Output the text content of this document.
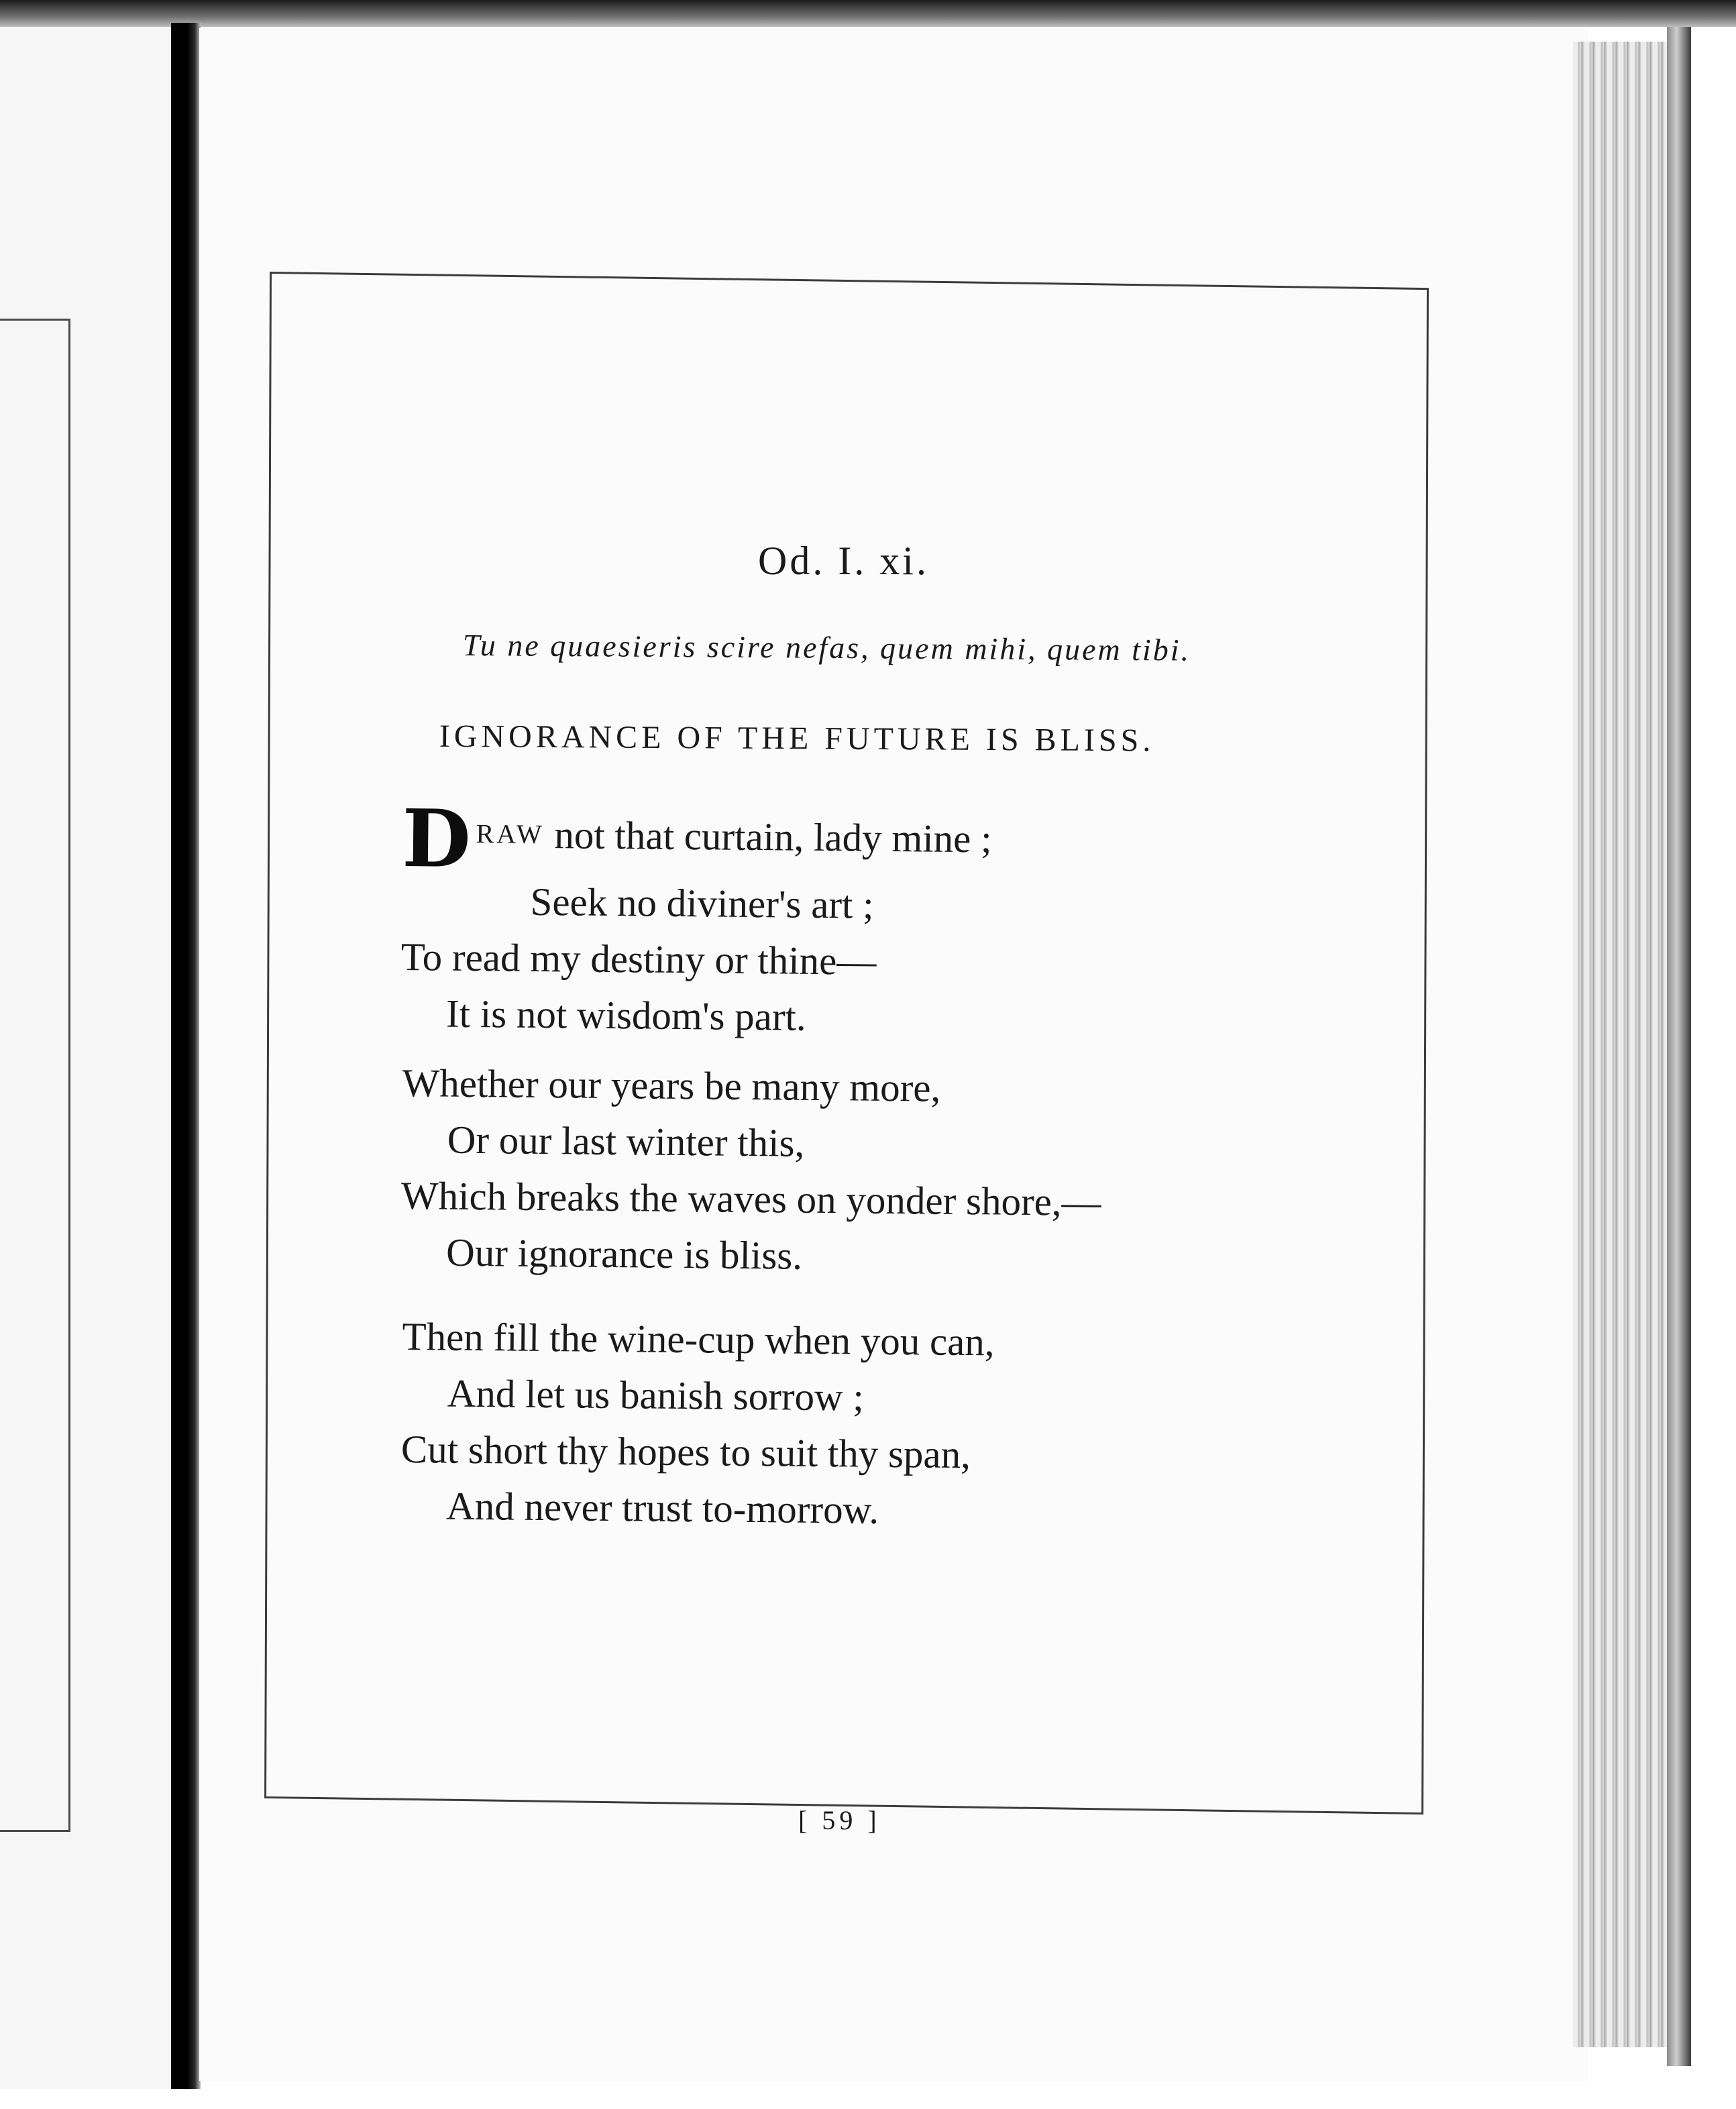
Od. I. xi.

Tu ne quaesieris scire nefas, quem mihi, quem tibi.

IGNORANCE OF THE FUTURE IS BLISS.
D $^{RAW}$ not that curtain, lady mine ;
Seek no diviner's art ;
To read my destiny or thine—
It is not wisdom's part.
Whether our years be many more,
Or our last winter this,
Which breaks the waves on yonder shore,—
Our ignorance is bliss.
Then fill the wine-cup when you can,
And let us banish sorrow ;
Cut short thy hopes to suit thy span,
And never trust to-morrow.

[ 59 ]
